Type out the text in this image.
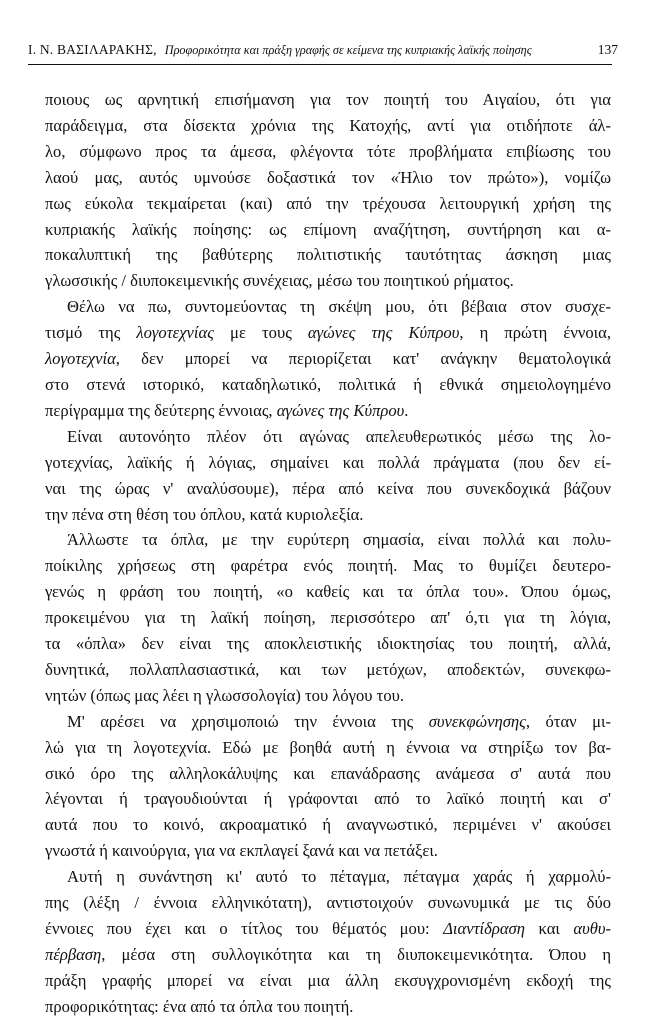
Ι. Ν. ΒΑΣΙΛΑΡΑΚΗΣ, Προφορικότητα και πράξη γραφής σε κείμενα της κυπριακής λαϊκής ποίησης	137

ποιους ως αρνητική επισήμανση για τον ποιητή του Αιγαίου, ότι για
παράδειγμα, στα δίσεκτα χρόνια της Κατοχής, αντί για οτιδήποτε άλ-
λο, σύμφωνο προς τα άμεσα, φλέγοντα τότε προβλήματα επιβίωσης του
λαού μας, αυτός υμνούσε δοξαστικά τον «Ήλιο τον πρώτο»), νομίζω
πως εύκολα τεκμαίρεται (και) από την τρέχουσα λειτουργική χρήση της
κυπριακής λαϊκής ποίησης: ως επίμονη αναζήτηση, συντήρηση και α-
ποκαλυπτική της βαθύτερης πολιτιστικής ταυτότητας άσκηση μιας
γλωσσικής / διυποκειμενικής συνέχειας, μέσω του ποιητικού ρήματος.

Θέλω να πω, συντομεύοντας τη σκέψη μου, ότι βέβαια στον συσχε-
τισμό της λογοτεχνίας με τους αγώνες της Κύπρου, η πρώτη έννοια,
λογοτεχνία, δεν μπορεί να περιορίζεται κατ' ανάγκην θεματολογικά
στο στενά ιστορικό, καταδηλωτικό, πολιτικά ή εθνικά σημειολογημένο
περίγραμμα της δεύτερης έννοιας, αγώνες της Κύπρου.

Είναι αυτονόητο πλέον ότι αγώνας απελευθερωτικός μέσω της λο-
γοτεχνίας, λαϊκής ή λόγιας, σημαίνει και πολλά πράγματα (που δεν εί-
ναι της ώρας ν' αναλύσουμε), πέρα από κείνα που συνεκδοχικά βάζουν
την πένα στη θέση του όπλου, κατά κυριολεξία.

Άλλωστε τα όπλα, με την ευρύτερη σημασία, είναι πολλά και πολυ-
ποίκιλης χρήσεως στη φαρέτρα ενός ποιητή. Μας το θυμίζει δευτερο-
γενώς η φράση του ποιητή, «ο καθείς και τα όπλα του». Όπου όμως,
προκειμένου για τη λαϊκή ποίηση, περισσότερο απ' ό,τι για τη λόγια,
τα «όπλα» δεν είναι της αποκλειστικής ιδιοκτησίας του ποιητή, αλλά,
δυνητικά, πολλαπλασιαστικά, και των μετόχων, αποδεκτών, συνεκφω-
νητών (όπως μας λέει η γλωσσολογία) του λόγου του.

Μ' αρέσει να χρησιμοποιώ την έννοια της συνεκφώνησης, όταν μι-
λώ για τη λογοτεχνία. Εδώ με βοηθά αυτή η έννοια να στηρίξω τον βα-
σικό όρο της αλληλοκάλυψης και επανάδρασης ανάμεσα σ' αυτά που
λέγονται ή τραγουδιούνται ή γράφονται από το λαϊκό ποιητή και σ'
αυτά που το κοινό, ακροαματικό ή αναγνωστικό, περιμένει ν' ακούσει
γνωστά ή καινούργια, για να εκπλαγεί ξανά και να πετάξει.

Αυτή η συνάντηση κι' αυτό το πέταγμα, πέταγμα χαράς ή χαρμολύ-
πης (λέξη / έννοια ελληνικότατη), αντιστοιχούν συνωνυμικά με τις δύο
έννοιες που έχει και ο τίτλος του θέματός μου: Διαντίδραση και αυθυ-
πέρβαση, μέσα στη συλλογικότητα και τη διυποκειμενικότητα. Όπου η
πράξη γραφής μπορεί να είναι μια άλλη εκσυγχρονισμένη εκδοχή της
προφορικότητας: ένα από τα όπλα του ποιητή.
